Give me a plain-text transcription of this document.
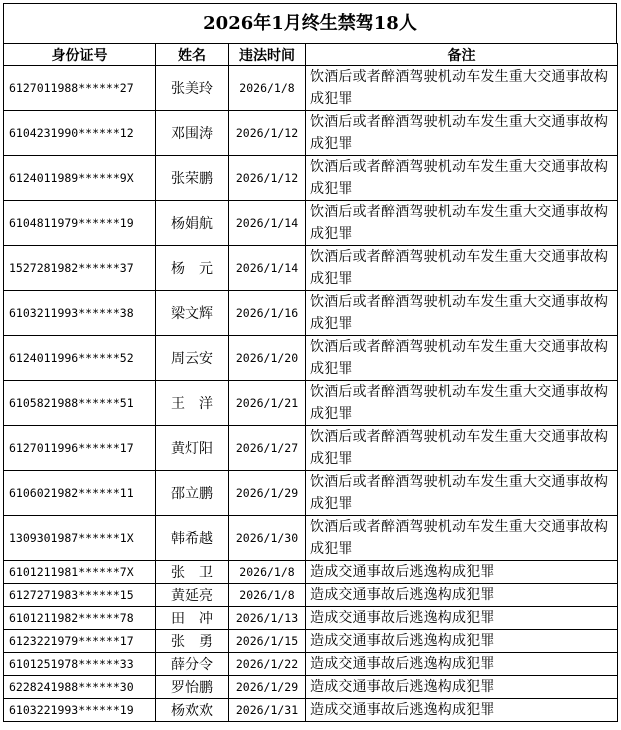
2026年1月终生禁驾18人
身份证号	姓名	违法时间	备注
6127011988******27	张美玲	2026/1/8	饮酒后或者醉酒驾驶机动车发生重大交通事故构成犯罪
6104231990******12	邓围涛	2026/1/12	饮酒后或者醉酒驾驶机动车发生重大交通事故构成犯罪
6124011989******9X	张荣鹏	2026/1/12	饮酒后或者醉酒驾驶机动车发生重大交通事故构成犯罪
6104811979******19	杨娟航	2026/1/14	饮酒后或者醉酒驾驶机动车发生重大交通事故构成犯罪
1527281982******37	杨　元	2026/1/14	饮酒后或者醉酒驾驶机动车发生重大交通事故构成犯罪
6103211993******38	梁文辉	2026/1/16	饮酒后或者醉酒驾驶机动车发生重大交通事故构成犯罪
6124011996******52	周云安	2026/1/20	饮酒后或者醉酒驾驶机动车发生重大交通事故构成犯罪
6105821988******51	王　洋	2026/1/21	饮酒后或者醉酒驾驶机动车发生重大交通事故构成犯罪
6127011996******17	黄灯阳	2026/1/27	饮酒后或者醉酒驾驶机动车发生重大交通事故构成犯罪
6106021982******11	邵立鹏	2026/1/29	饮酒后或者醉酒驾驶机动车发生重大交通事故构成犯罪
1309301987******1X	韩希越	2026/1/30	饮酒后或者醉酒驾驶机动车发生重大交通事故构成犯罪
6101211981******7X	张　卫	2026/1/8	造成交通事故后逃逸构成犯罪
6127271983******15	黄延亮	2026/1/8	造成交通事故后逃逸构成犯罪
6101211982******78	田　冲	2026/1/13	造成交通事故后逃逸构成犯罪
6123221979******17	张　勇	2026/1/15	造成交通事故后逃逸构成犯罪
6101251978******33	薛分令	2026/1/22	造成交通事故后逃逸构成犯罪
6228241988******30	罗怡鹏	2026/1/29	造成交通事故后逃逸构成犯罪
6103221993******19	杨欢欢	2026/1/31	造成交通事故后逃逸构成犯罪
